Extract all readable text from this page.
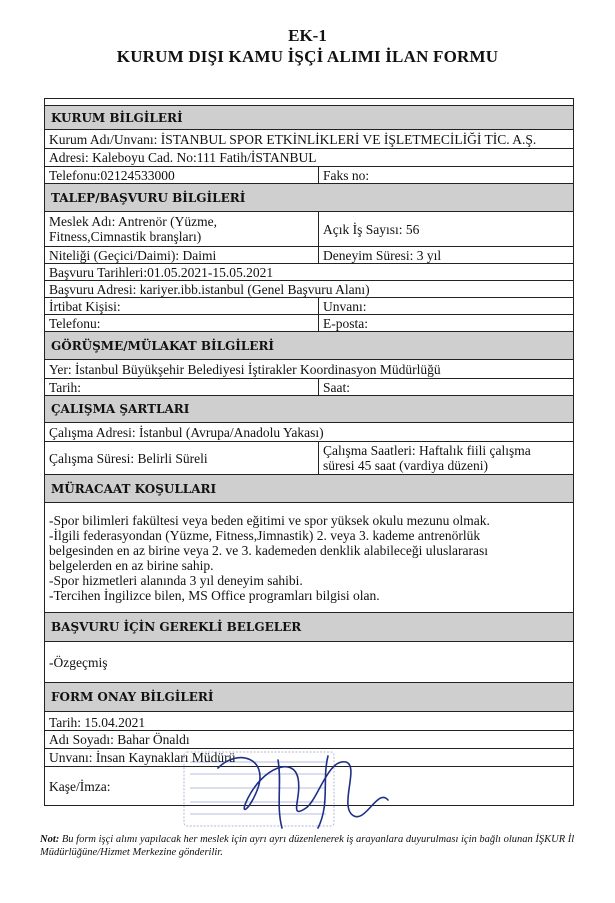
EK-1
KURUM DIŞI KAMU İŞÇİ ALIMI İLAN FORMU
KURUM BİLGİLERİ
Kurum Adı/Unvanı: İSTANBUL SPOR ETKİNLİKLERİ VE İŞLETMECİLİĞİ TİC. A.Ş.
Adresi: Kaleboyu Cad. No:111 Fatih/İSTANBUL
Telefonu:02124533000	Faks no:
TALEP/BAŞVURU BİLGİLERİ
Meslek Adı: Antrenör (Yüzme,
Fitness,Cimnastik branşları)	Açık İş Sayısı: 56
Niteliği (Geçici/Daimi): Daimi	Deneyim Süresi: 3 yıl
Başvuru Tarihleri:01.05.2021-15.05.2021
Başvuru Adresi: kariyer.ibb.istanbul (Genel Başvuru Alanı)
İrtibat Kişisi:	Unvanı:
Telefonu:	E-posta:
GÖRÜŞME/MÜLAKAT BİLGİLERİ
Yer: İstanbul Büyükşehir Belediyesi İştirakler Koordinasyon Müdürlüğü
Tarih:	Saat:
ÇALIŞMA ŞARTLARI
Çalışma Adresi: İstanbul (Avrupa/Anadolu Yakası)
Çalışma Süresi: Belirli Süreli	Çalışma Saatleri: Haftalık fiili çalışma
süresi 45 saat (vardiya düzeni)
MÜRACAAT KOŞULLARI
-Spor bilimleri fakültesi veya beden eğitimi ve spor yüksek okulu mezunu olmak.
-İlgili federasyondan (Yüzme, Fitness,Jimnastik) 2. veya 3. kademe antrenörlük
belgesinden en az birine veya 2. ve 3. kademeden denklik alabileceği uluslararası
belgelerden en az birine sahip.
-Spor hizmetleri alanında 3 yıl deneyim sahibi.
-Tercihen İngilizce bilen, MS Office programları bilgisi olan.
BAŞVURU İÇİN GEREKLİ BELGELER
-Özgeçmiş
FORM ONAY BİLGİLERİ
Tarih: 15.04.2021
Adı Soyadı: Bahar Önaldı
Unvanı: İnsan Kaynakları Müdürü
Kaşe/İmza:
Not: Bu form işçi alımı yapılacak her meslek için ayrı ayrı düzenlenerek iş arayanlara duyurulması için bağlı olunan İŞKUR İl Müdürlüğüne/Hizmet Merkezine gönderilir.
